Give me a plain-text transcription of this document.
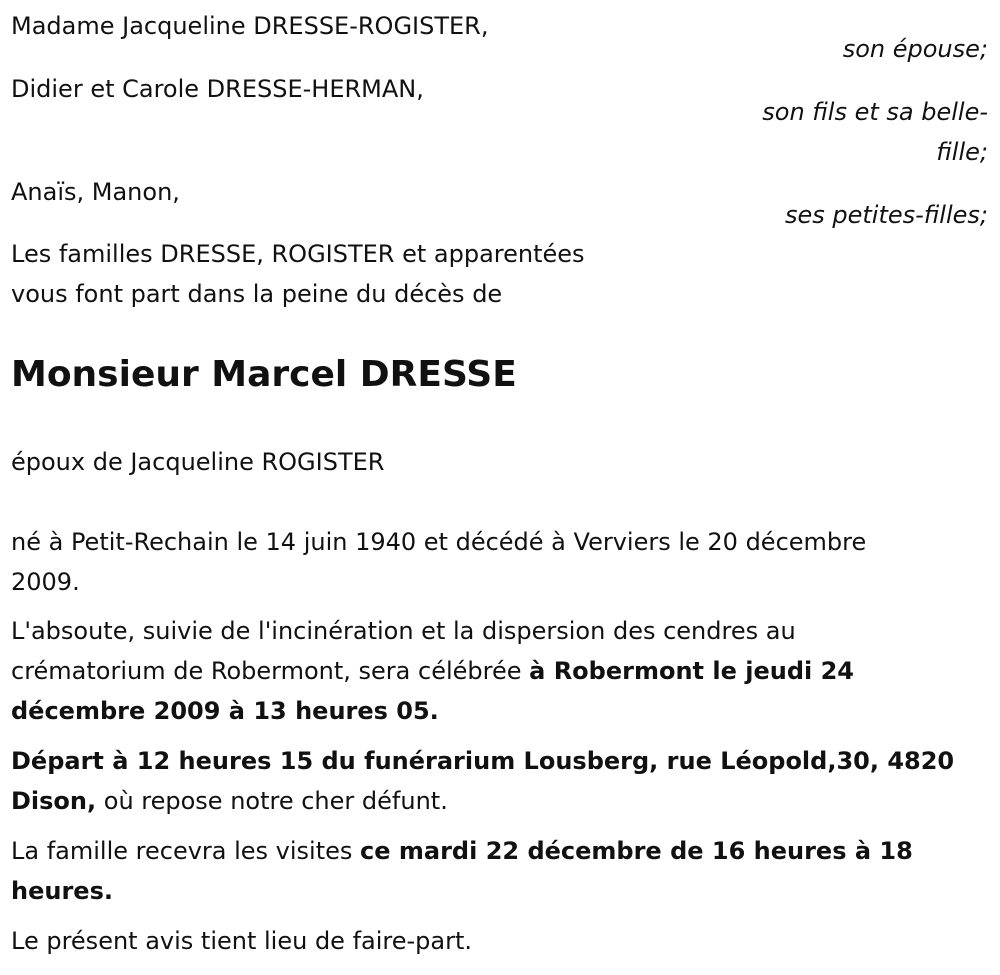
Madame Jacqueline DRESSE-ROGISTER,
son épouse;
Didier et Carole DRESSE-HERMAN,
son fils et sa belle-
fille;
Anaïs, Manon,
ses petites-filles;
Les familles DRESSE, ROGISTER et apparentées
vous font part dans la peine du décès de
Monsieur Marcel DRESSE
époux de Jacqueline ROGISTER
né à Petit-Rechain le 14 juin 1940 et décédé à Verviers le 20 décembre
2009.
L'absoute, suivie de l'incinération et la dispersion des cendres au
crématorium de Robermont, sera célébrée à Robermont le jeudi 24
décembre 2009 à 13 heures 05.
Départ à 12 heures 15 du funérarium Lousberg, rue Léopold,30, 4820
Dison, où repose notre cher défunt.
La famille recevra les visites ce mardi 22 décembre de 16 heures à 18
heures.
Le présent avis tient lieu de faire-part.
